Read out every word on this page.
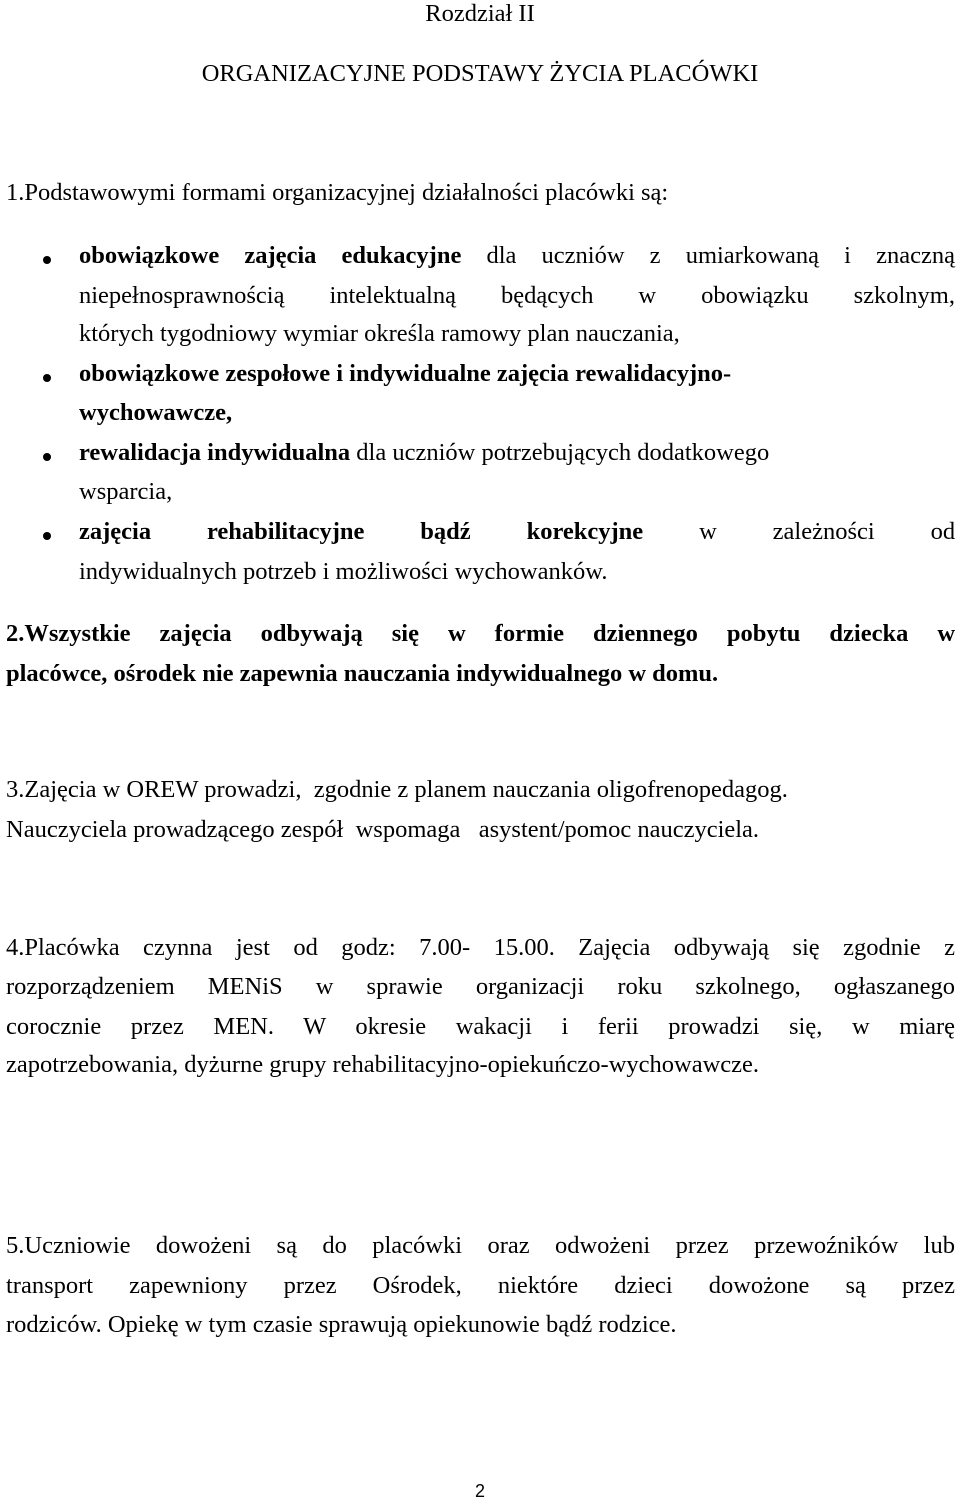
Rozdział II
ORGANIZACYJNE PODSTAWY ŻYCIA PLACÓWKI
1.Podstawowymi formami organizacyjnej działalności placówki są:
obowiązkowe zajęcia edukacyjne dla uczniów z umiarkowaną i znaczną
niepełnosprawnością intelektualną będących w obowiązku szkolnym,
których tygodniowy wymiar określa ramowy plan nauczania,
obowiązkowe zespołowe i indywidualne zajęcia rewalidacyjno-
wychowawcze,
rewalidacja indywidualna dla uczniów potrzebujących dodatkowego
wsparcia,
zajęcia rehabilitacyjne bądź korekcyjne w zależności od
indywidualnych potrzeb i możliwości wychowanków.
2.Wszystkie zajęcia odbywają się w formie dziennego pobytu dziecka w
placówce, ośrodek nie zapewnia nauczania indywidualnego w domu.
3.Zajęcia w OREW prowadzi,  zgodnie z planem nauczania oligofrenopedagog.
Nauczyciela prowadzącego zespół  wspomaga   asystent/pomoc nauczyciela.
4.Placówka czynna jest od godz: 7.00- 15.00. Zajęcia odbywają się zgodnie z
rozporządzeniem MENiS w sprawie organizacji roku szkolnego, ogłaszanego
corocznie przez MEN. W okresie wakacji i ferii prowadzi się, w miarę
zapotrzebowania, dyżurne grupy rehabilitacyjno-opiekuńczo-wychowawcze.
5.Uczniowie dowożeni są do placówki oraz odwożeni przez przewoźników lub
transport zapewniony przez Ośrodek, niektóre dzieci dowożone są przez
rodziców. Opiekę w tym czasie sprawują opiekunowie bądź rodzice.
2
